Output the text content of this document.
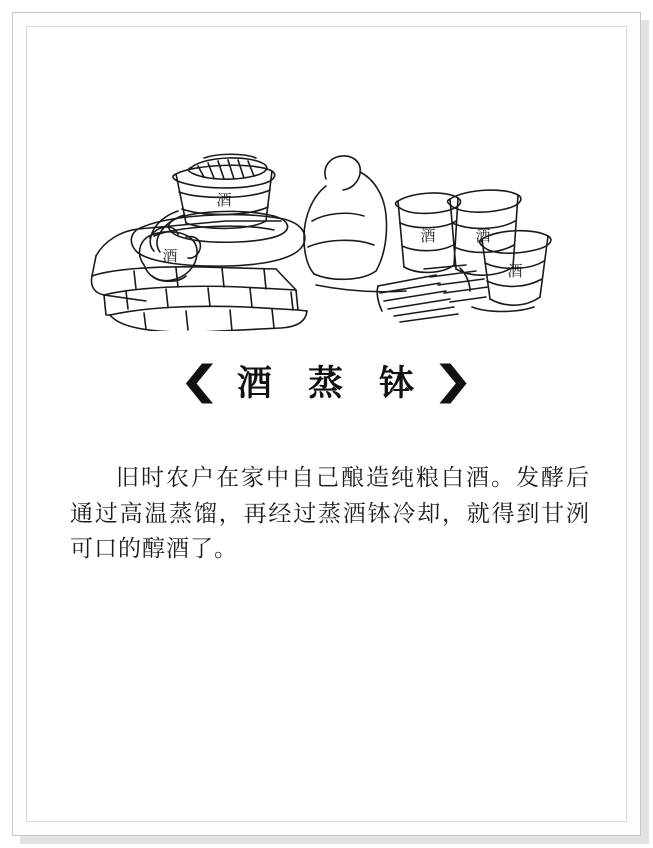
酒
酒
酒	酒
酒
❮ 酒 蒸 钵 ❯

旧时农户在家中自己酿造纯粮白酒。发酵后通过高温蒸馏，再经过蒸酒钵冷却，就得到甘洌可口的醇酒了。
